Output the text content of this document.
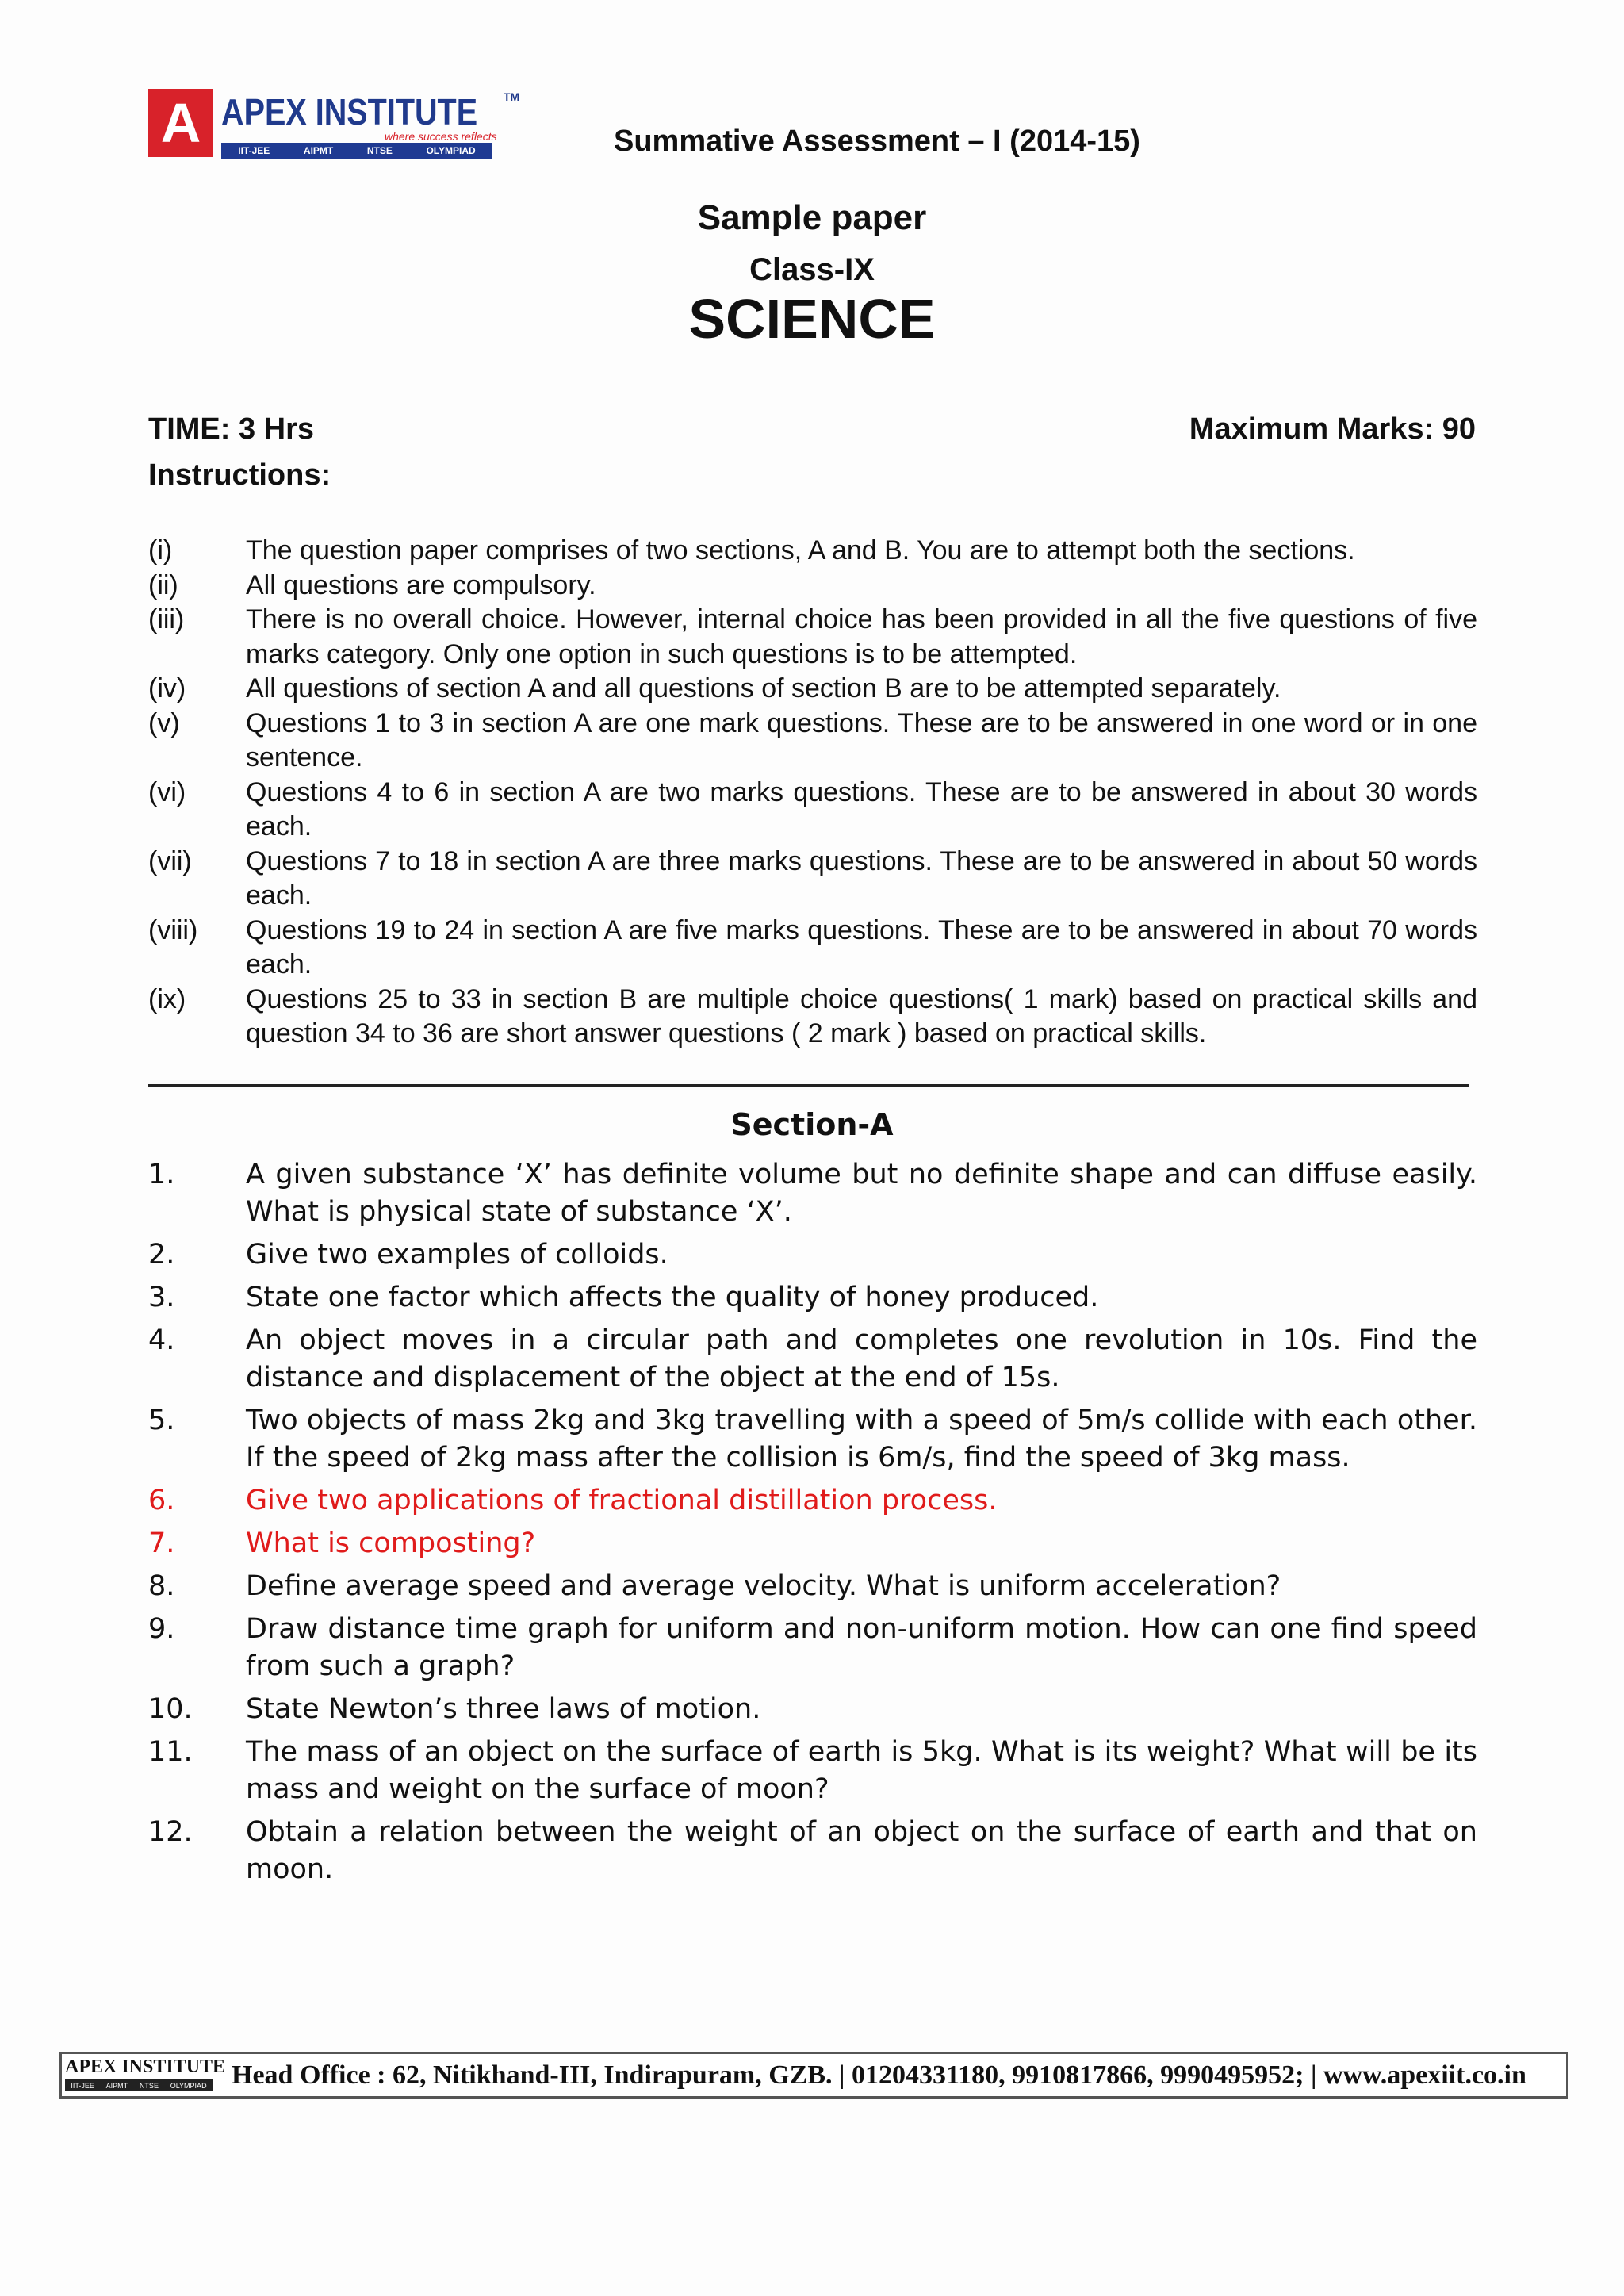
A APEX INSTITUTE TM
where success reflects
IIT-JEE	AIPMT	NTSE	OLYMPIAD	Summative Assessment – I (2014-15)
Sample paper
Class-IX
SCIENCE
TIME: 3 Hrs	Maximum Marks: 90
Instructions:
(i)	The question paper comprises of two sections, A and B. You are to attempt both the sections.
(ii)	All questions are compulsory.
(iii)	There is no overall choice. However, internal choice has been provided in all the five questions of five marks category. Only one option in such questions is to be attempted.
(iv)	All questions of section A and all questions of section B are to be attempted separately.
(v)	Questions 1 to 3 in section A are one mark questions. These are to be answered in one word or in one sentence.
(vi)	Questions 4 to 6 in section A are two marks questions. These are to be answered in about 30 words each.
(vii)	Questions 7 to 18 in section A are three marks questions. These are to be answered in about 50 words each.
(viii)	Questions 19 to 24 in section A are five marks questions. These are to be answered in about 70 words each.
(ix)	Questions 25 to 33 in section B are multiple choice questions( 1 mark) based on practical skills and question 34 to 36 are short answer questions ( 2 mark ) based on practical skills.
Section-A
1.	A given substance ‘X’ has definite volume but no definite shape and can diffuse easily. What is physical state of substance ‘X’.
2.	Give two examples of colloids.
3.	State one factor which affects the quality of honey produced.
4.	An object moves in a circular path and completes one revolution in 10s. Find the distance and displacement of the object at the end of 15s.
5.	Two objects of mass 2kg and 3kg travelling with a speed of 5m/s collide with each other. If the speed of 2kg mass after the collision is 6m/s, find the speed of 3kg mass.
6.	Give two applications of fractional distillation process.
7.	What is composting?
8.	Define average speed and average velocity. What is uniform acceleration?
9.	Draw distance time graph for uniform and non-uniform motion. How can one find speed from such a graph?
10.	State Newton’s three laws of motion.
11.	The mass of an object on the surface of earth is 5kg. What is its weight? What will be its mass and weight on the surface of moon?
12.	Obtain a relation between the weight of an object on the surface of earth and that on moon.
APEX INSTITUTE
IIT-JEE AIPMT NTSE OLYMPIAD Head Office : 62, Nitikhand-III, Indirapuram, GZB. | 01204331180, 9910817866, 9990495952; | www.apexiit.co.in
